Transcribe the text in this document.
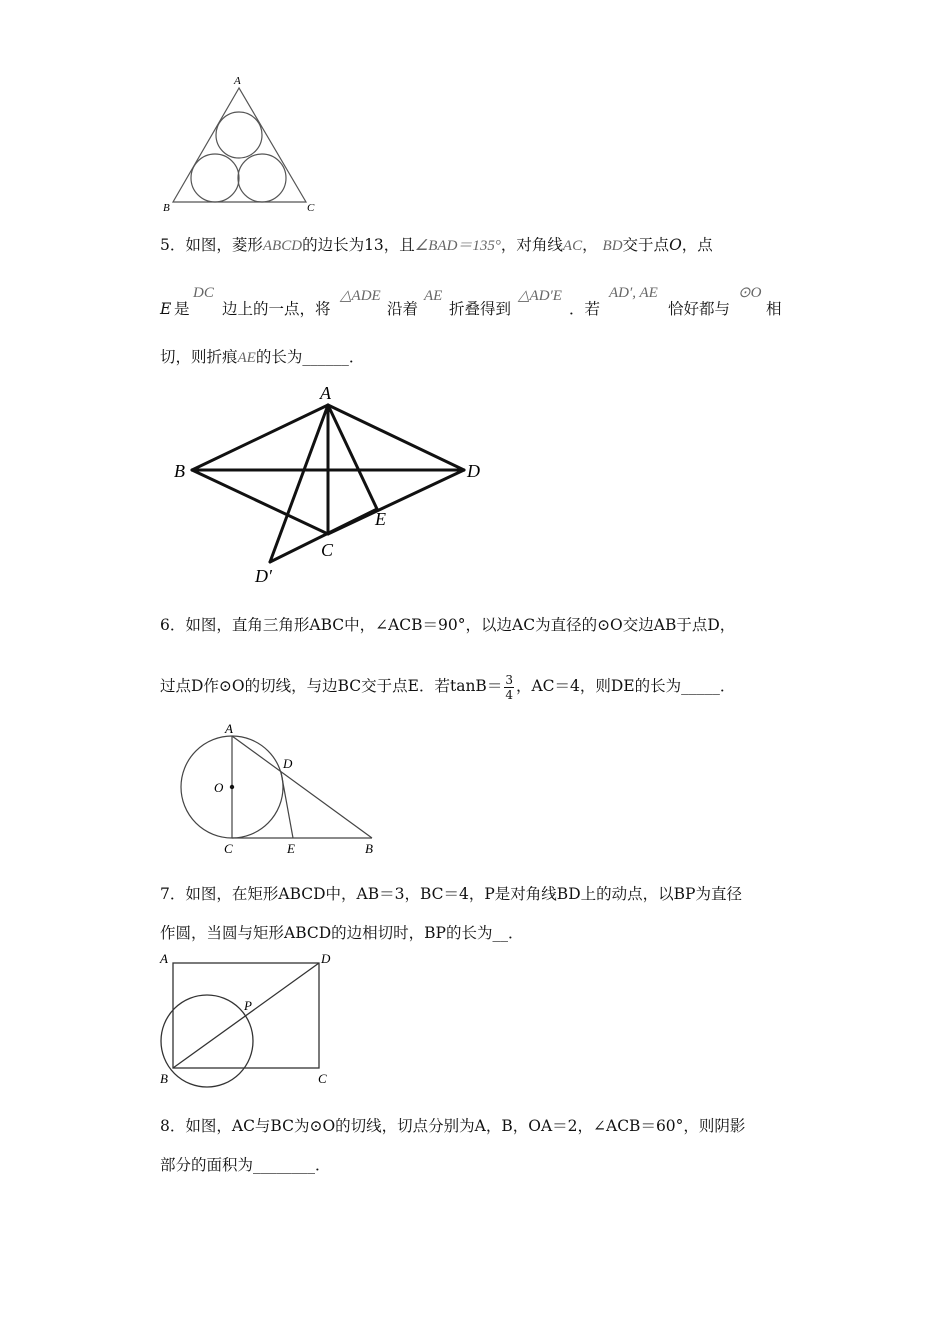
A
B	C
5．如图，菱形ABCD的边长为13，且∠BAD＝135°，对角线AC， BD交于点O，点
E 是
DC
边上的一点，将
△ADE
沿着
AE
折叠得到
△AD′E
．若
AD′, AE
恰好都与
⊙O
相
切，则折痕AE的长为______．
A
B	D
E
C
D′
6．如图，直角三角形ABC中，∠ACB＝90°，以边AC为直径的⊙O交边AB于点D，
过点D作⊙O的切线，与边BC交于点E．若$\tan B= \frac{3}{4}$ ，AC＝4，则DE的长为_____．
A
O
D
C	E	B
7．如图，在矩形ABCD中，AB＝3，BC＝4，P是对角线BD上的动点，以BP为直径
作圆，当圆与矩形ABCD的边相切时，BP的长为__．
A	D
P
B	C
8．如图，AC与BC为⊙O的切线，切点分别为A，B，OA＝2，∠ACB＝60°，则阴影
部分的面积为________．
